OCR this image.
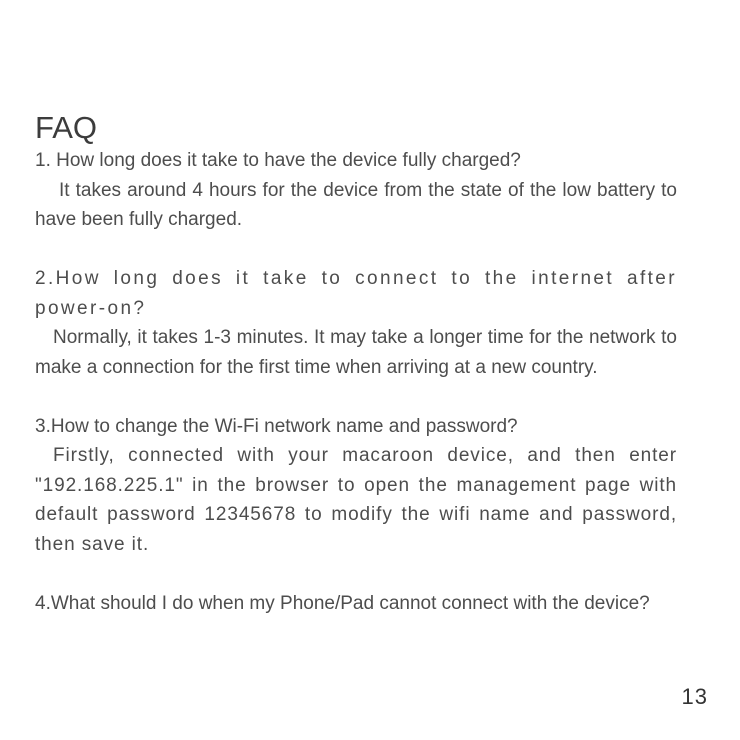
FAQ

1. How long does it take to have the device fully charged?

It takes around 4 hours for the device from the state of the low battery to have been fully charged.

2.How long does it take to connect to the internet after power-on?

Normally, it takes 1-3 minutes. It may take a longer time for the network to make a connection for the first time when arriving at a new country.

3.How to change the Wi-Fi network name and password?

Firstly, connected with your macaroon device, and then enter "192.168.225.1" in the browser to open the management page with default password 12345678 to modify the wifi name and password, then save it.

4.What should I do when my Phone/Pad cannot connect with the device?

13
